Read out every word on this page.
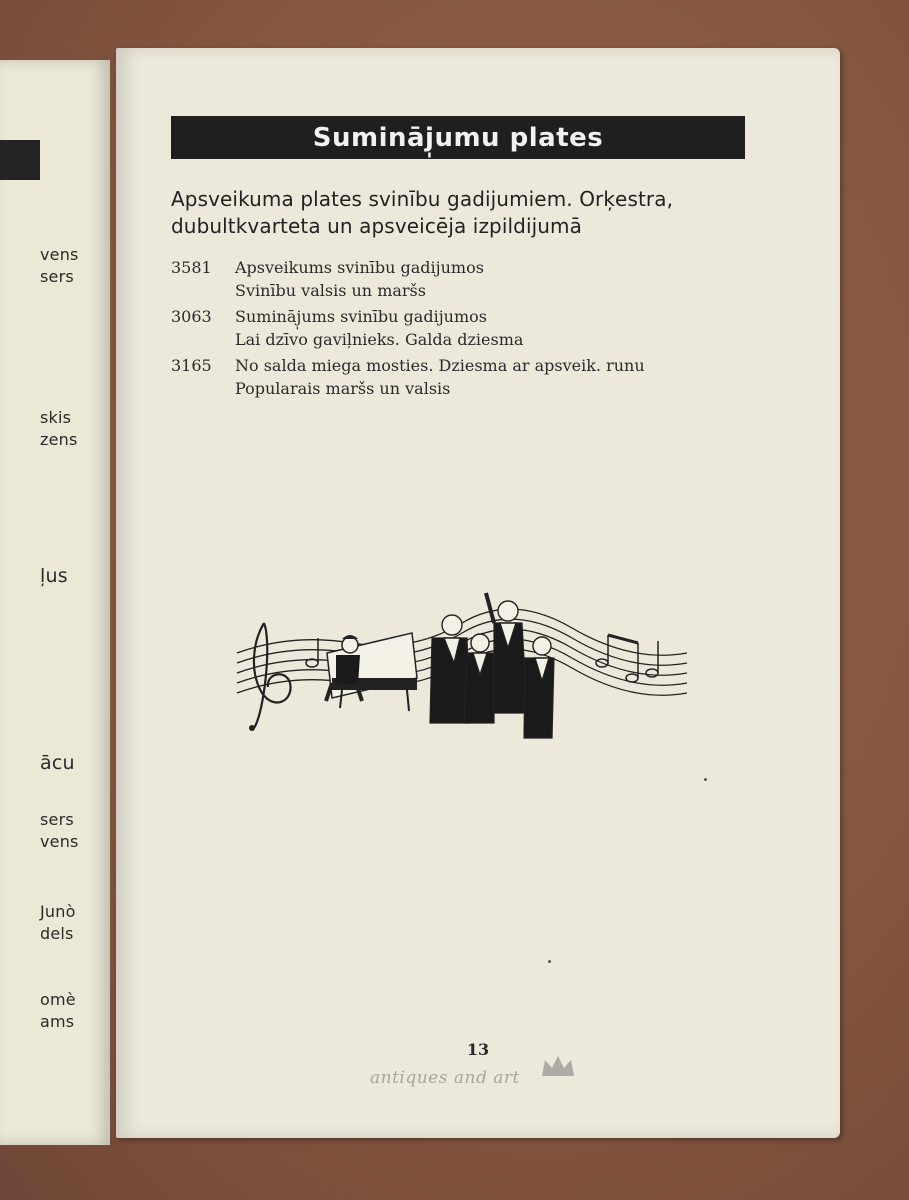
vens
sers
skis
zens
ļus
ācu
sers
vens
Junò
dels
omè
ams
Sumināj̩umu plates
Apsveikuma plates svinību gadijumiem. Orķestra,
dubultkvarteta un apsveicēja izpildijumā
3581	Apsveikums svinību gadijumos
Svinību valsis un maršs
3063	Sumināj̩ums svinību gadijumos
Lai dzīvo gaviļnieks. Galda dziesma
3165	No salda miega mosties. Dziesma ar apsveik. runu
Popularais maršs un valsis
13
antiques and art
